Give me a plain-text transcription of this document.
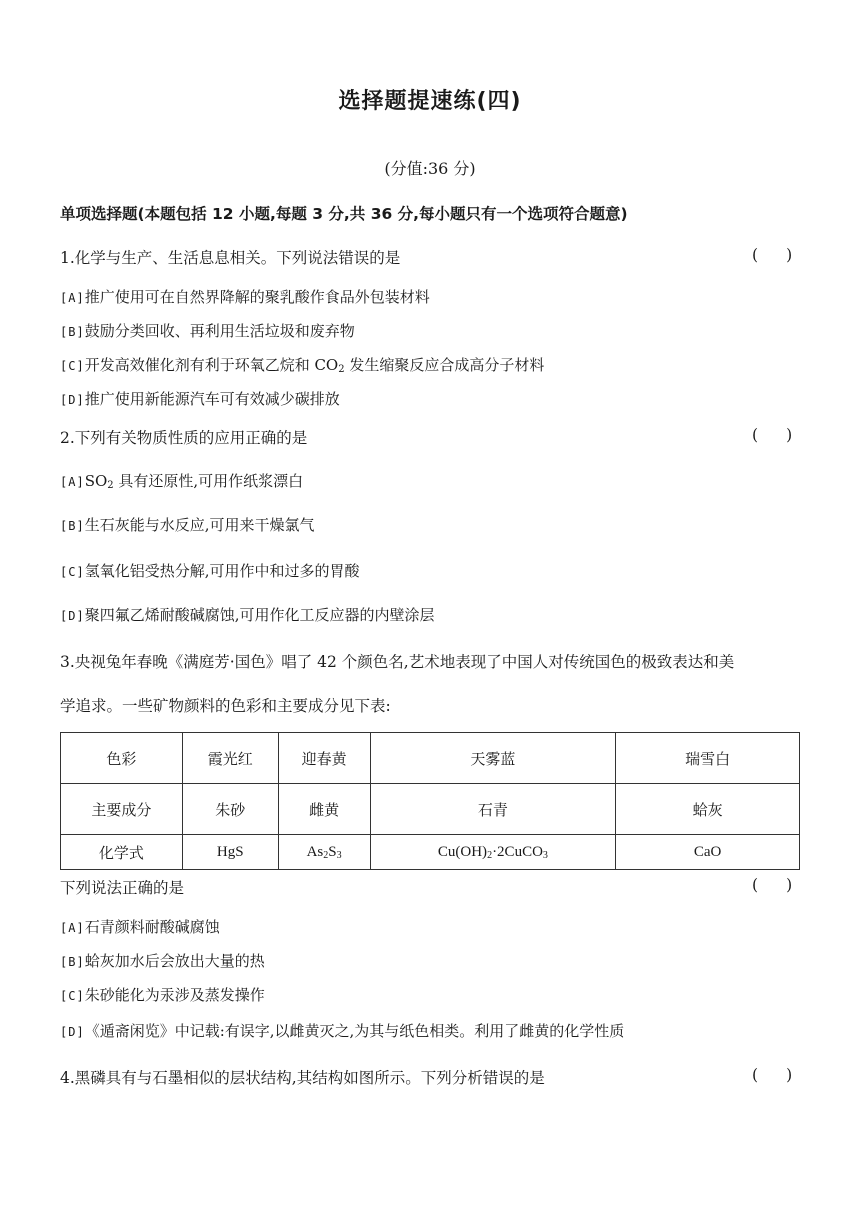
选择题提速练(四)
(分值:36 分)
单项选择题(本题包括 12 小题,每题 3 分,共 36 分,每小题只有一个选项符合题意)
1.化学与生产、生活息息相关。下列说法错误的是	( )
[A]推广使用可在自然界降解的聚乳酸作食品外包装材料
[B]鼓励分类回收、再利用生活垃圾和废弃物
[C]开发高效催化剂有利于环氧乙烷和 $CO_2$ 发生缩聚反应合成高分子材料
[D]推广使用新能源汽车可有效减少碳排放
2.下列有关物质性质的应用正确的是	( )
$[A]SO_2$ 具有还原性,可用作纸浆漂白
[B]生石灰能与水反应,可用来干燥氯气
[C]氢氧化铝受热分解,可用作中和过多的胃酸
[D]聚四氟乙烯耐酸碱腐蚀,可用作化工反应器的内壁涂层
3.央视兔年春晚《满庭芳·国色》唱了 42 个颜色名,艺术地表现了中国人对传统国色的极致表达和美
学追求。一些矿物颜料的色彩和主要成分见下表:
色彩	霞光红	迎春黄	天雾蓝	瑞雪白
主要成分	朱砂	雌黄	石青	蛤灰
化学式	HgS	$As_2S_3$	$Cu(OH)_2\cdot 2CuCO_3$	CaO
下列说法正确的是	( )
[A]石青颜料耐酸碱腐蚀
[B]蛤灰加水后会放出大量的热
[C]朱砂能化为汞涉及蒸发操作
[D]《遁斋闲览》中记载:有误字,以雌黄灭之,为其与纸色相类。利用了雌黄的化学性质
4.黑磷具有与石墨相似的层状结构,其结构如图所示。下列分析错误的是	( )
